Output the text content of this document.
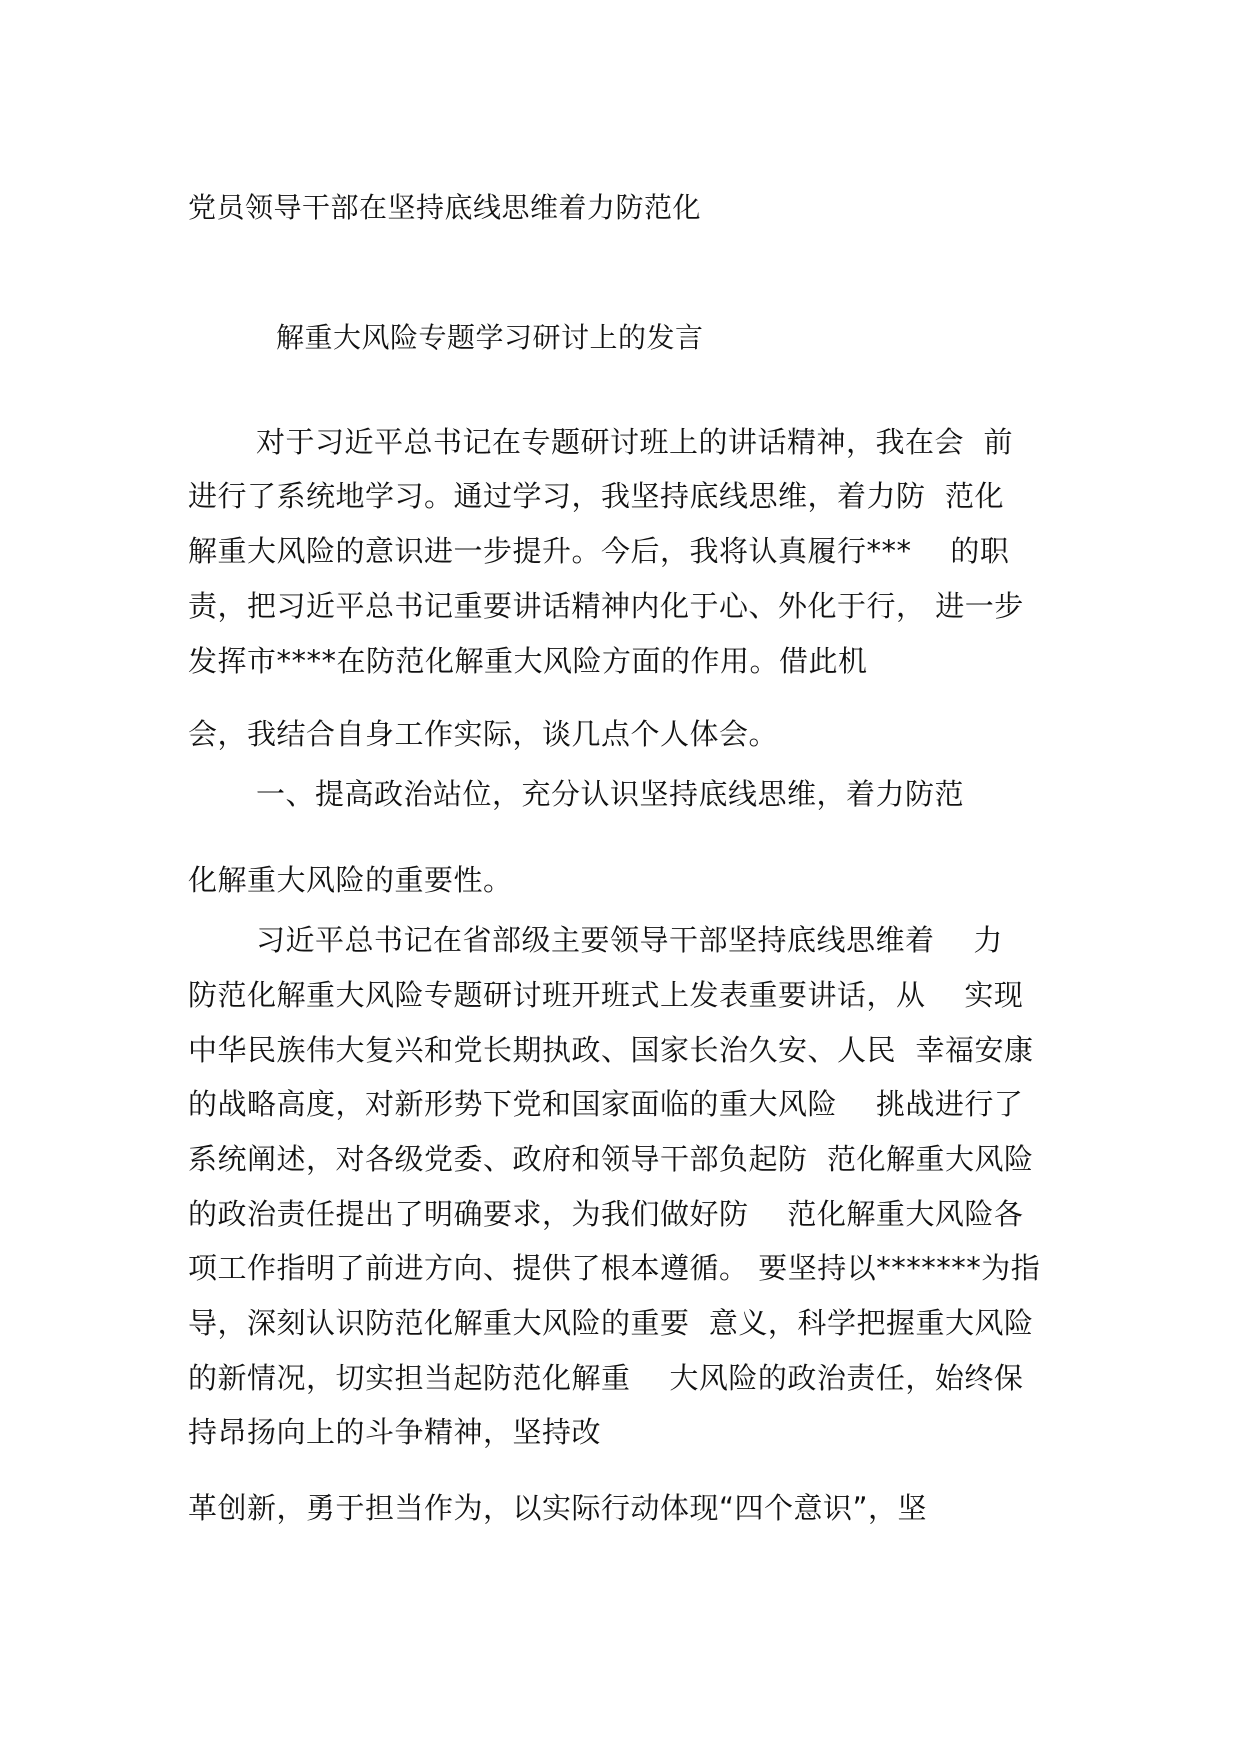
党员领导干部在坚持底线思维着力防范化
解重大风险专题学习研讨上的发言
对于习近平总书记在专题研讨班上的讲话精神，我在会  前
进行了系统地学习。通过学习，我坚持底线思维，着力防  范化
解重大风险的意识进一步提升。今后，我将认真履行***    的职
责，把习近平总书记重要讲话精神内化于心、外化于行， 进一步
发挥市****在防范化解重大风险方面的作用。借此机
会，我结合自身工作实际，谈几点个人体会。
一、提高政治站位，充分认识坚持底线思维，着力防范
化解重大风险的重要性。
习近平总书记在省部级主要领导干部坚持底线思维着    力
防范化解重大风险专题研讨班开班式上发表重要讲话，从    实现
中华民族伟大复兴和党长期执政、国家长治久安、人民  幸福安康
的战略高度，对新形势下党和国家面临的重大风险    挑战进行了
系统阐述，对各级党委、政府和领导干部负起防  范化解重大风险
的政治责任提出了明确要求，为我们做好防    范化解重大风险各
项工作指明了前进方向、提供了根本遵循。 要坚持以*******为指
导，深刻认识防范化解重大风险的重要  意义，科学把握重大风险
的新情况，切实担当起防范化解重    大风险的政治责任，始终保
持昂扬向上的斗争精神，坚持改
革创新，勇于担当作为，以实际行动体现“四个意识”，坚
